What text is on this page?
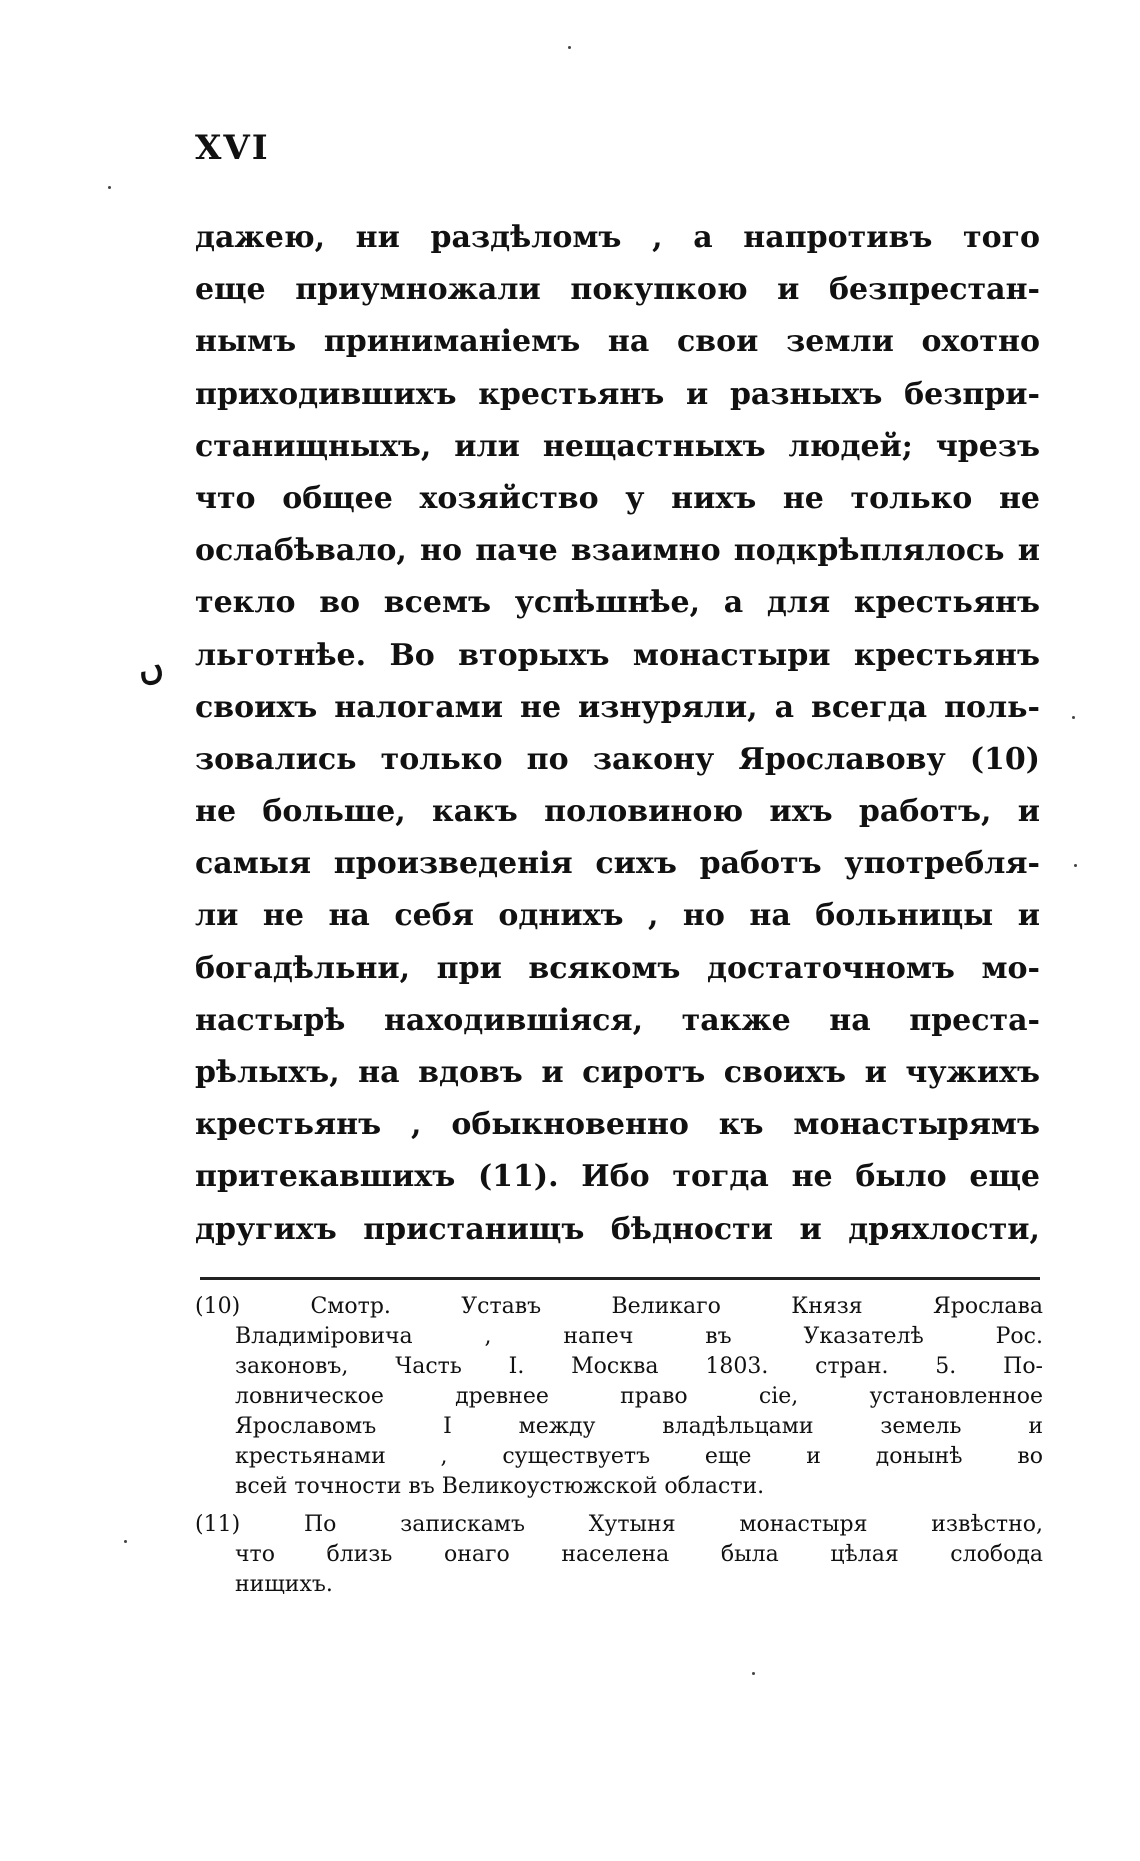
XVI
ں
дажею, ни раздѣломъ , а напротивъ того
еще приумножали покупкою и безпрестан-
нымъ приниманіемъ на свои земли охотно
приходившихъ крестьянъ и разныхъ безпри-
станищныхъ, или нещастныхъ людей; чрезъ
что общее хозяйство у нихъ не только не
ослабѣвало, но паче взаимно подкрѣплялось и
текло во всемъ успѣшнѣе, а для крестьянъ
льготнѣе. Во вторыхъ монастыри крестьянъ
своихъ налогами не изнуряли, а всегда поль-
зовались только по закону Ярославову (10)
не больше, какъ половиною ихъ работъ, и
самыя произведенія сихъ работъ употребля-
ли не на себя однихъ , но на больницы и
богадѣльни, при всякомъ достаточномъ мо-
настырѣ находившіяся, также на преста-
рѣлыхъ, на вдовъ и сиротъ своихъ и чужихъ
крестьянъ , обыкновенно къ монастырямъ
притекавшихъ (11). Ибо тогда не было еще
другихъ пристанищъ бѣдности и дряхлости,
(10) Смотр. Уставъ Великаго Князя Ярослава
Владиміровича , напеч въ Указателѣ Рос.
законовъ, Часть I. Москва 1803. стран. 5. По-
ловничеcкое древнее право сіе, установленное
Ярославомъ I между владѣльцами земель и
крестьянами , существуетъ еще и донынѣ во
всей точности въ Великоустюжской области.
(11) По запискамъ Хутыня монастыря извѣстно,
что близь онаго населена была цѣлая слобода
нищихъ.
